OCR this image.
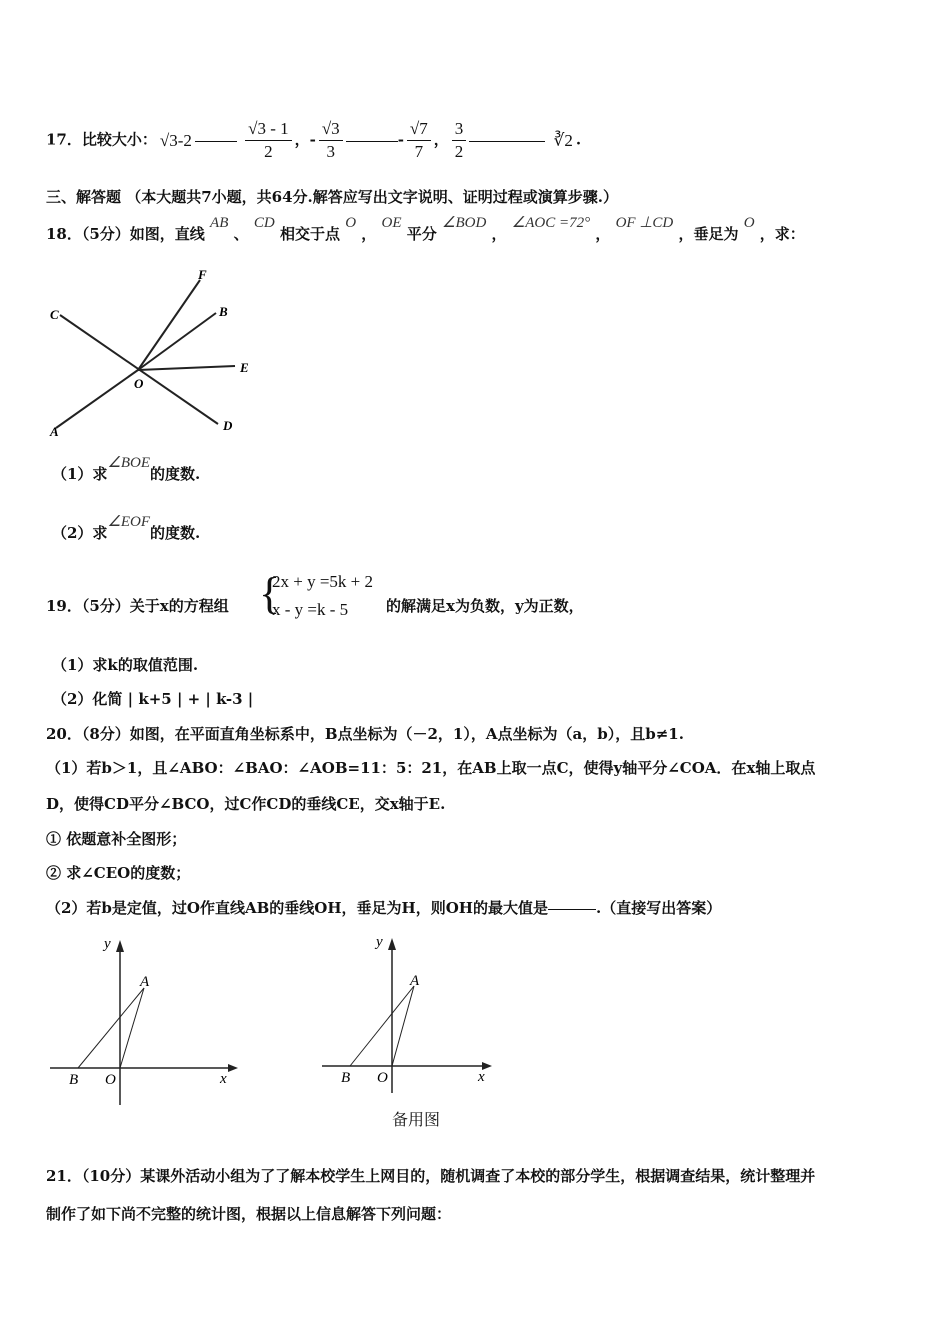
17．比较大小： √3-2	$\frac{√3 - 1}{2}$ ，- $\frac{√3}{3}$	- $\frac{√7}{7}$ ， $\frac{3}{2}$	∛2 .
三、解答题 （本大题共7小题，共64分.解答应写出文字说明、证明过程或演算步骤.）
18．（5分）如图，直线 AB 、 CD 相交于点 O ， OE 平分 ∠BOD ， ∠AOC =72° ， OF ⊥CD ，垂足为 O ，求：
C
F
B
E
O
A	D
（1）求∠BOE的度数.
（2）求∠EOF的度数.
19．（5分）关于x的方程组 {
2x + y =5k + 2
x - y =k - 5	的解满足x为负数，y为正数，
（1）求k的取值范围.
（2）化简 | k+5 | + | k-3 |
20．（8分）如图，在平面直角坐标系中，B点坐标为（－2，1），A点坐标为（a，b），且b≠1.
（1）若b＞1，且∠ABO：∠BAO：∠AOB=11：5：21，在AB上取一点C，使得y轴平分∠COA．在x轴上取点
D，使得CD平分∠BCO，过C作CD的垂线CE，交x轴于E.
① 依题意补全图形；
② 求∠CEO的度数；
（2）若b是定值，过O作直线AB的垂线OH，垂足为H，则OH的最大值是	.（直接写出答案）
y
A
B O	x
y
A
B O	x
备用图
21．（10分）某课外活动小组为了了解本校学生上网目的，随机调查了本校的部分学生，根据调查结果，统计整理并
制作了如下尚不完整的统计图，根据以上信息解答下列问题：
